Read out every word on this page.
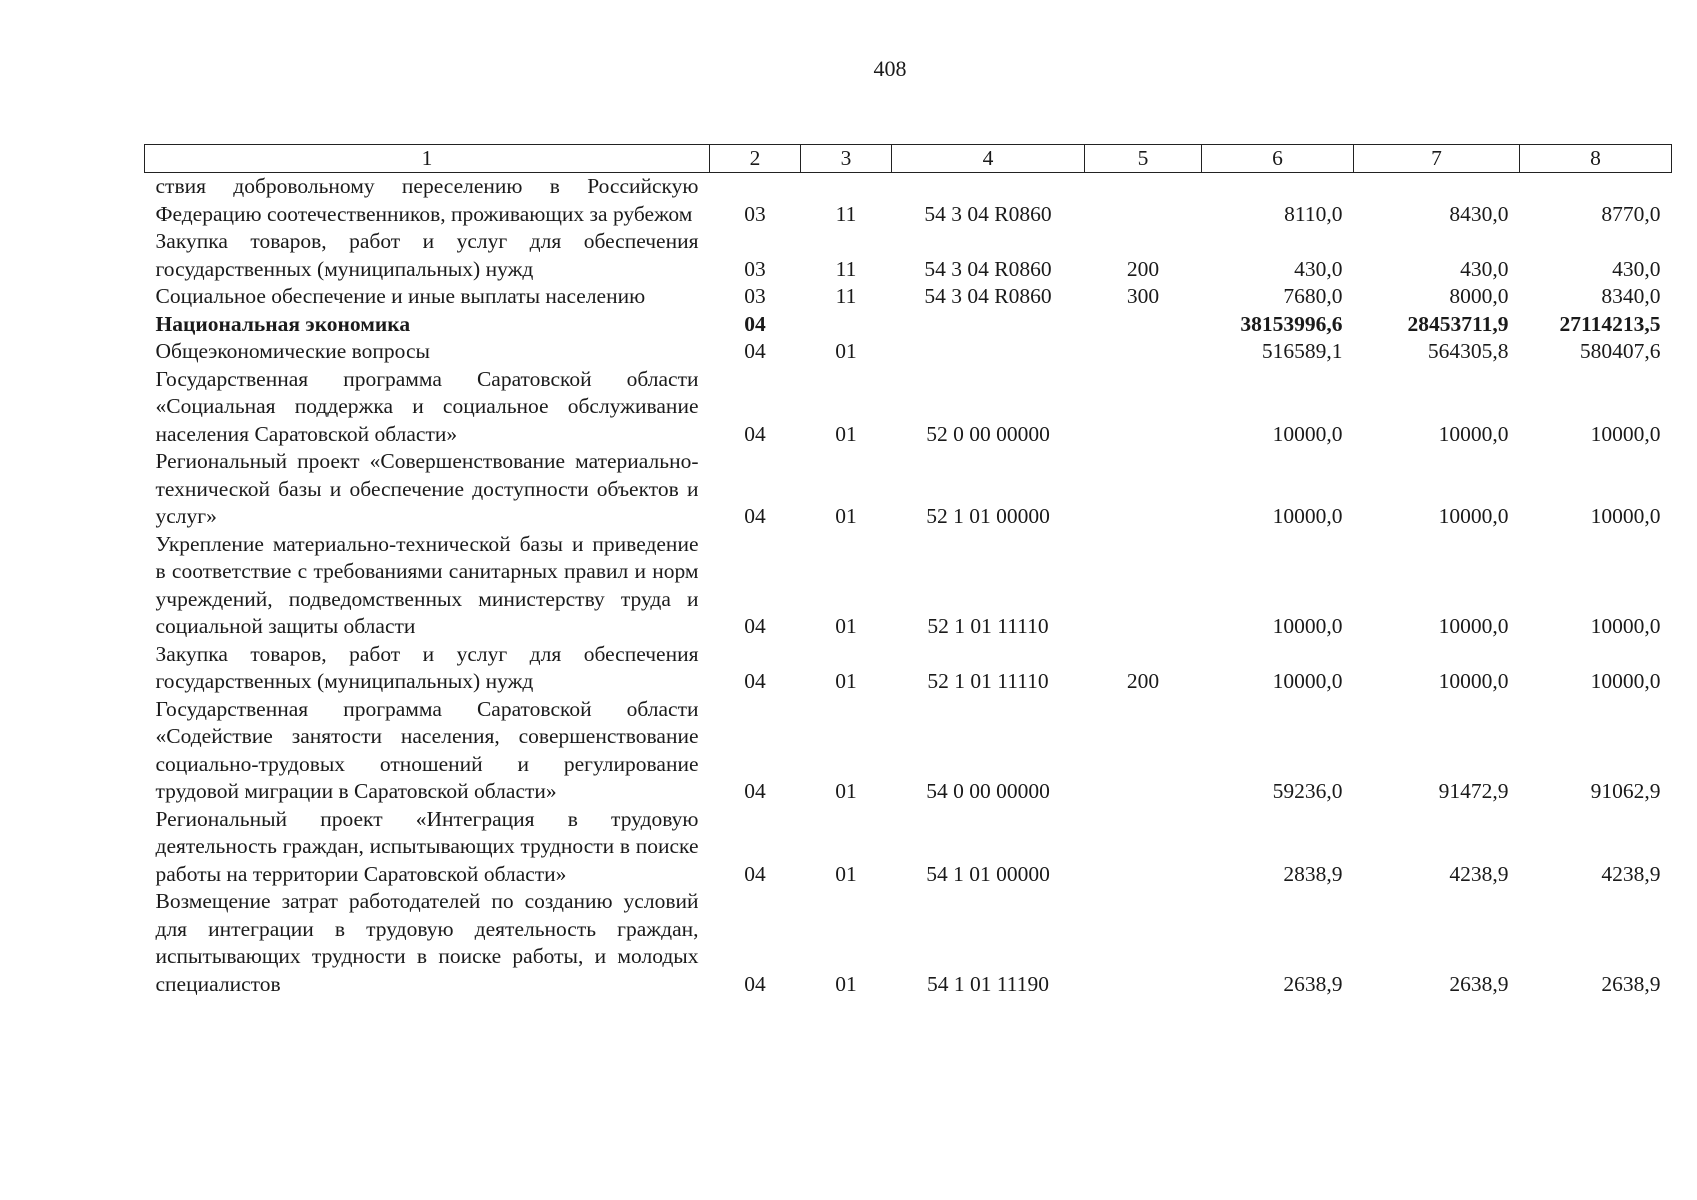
408
1	2	3	4	5	6	7	8
ствия добровольному переселению в Российскую Федерацию соотечественников, проживающих за рубежом	03	11	54 3 04 R0860		8110,0	8430,0	8770,0
Закупка товаров, работ и услуг для обеспечения государственных (муниципальных) нужд	03	11	54 3 04 R0860	200	430,0	430,0	430,0
Социальное обеспечение и иные выплаты населению	03	11	54 3 04 R0860	300	7680,0	8000,0	8340,0
Национальная экономика	04				38153996,6	28453711,9	27114213,5
Общеэкономические вопросы	04	01			516589,1	564305,8	580407,6
Государственная программа Саратовской области «Социальная поддержка и социальное обслуживание населения Саратовской области»	04	01	52 0 00 00000		10000,0	10000,0	10000,0
Региональный проект «Совершенствование материально-технической базы и обеспечение доступности объектов и услуг»	04	01	52 1 01 00000		10000,0	10000,0	10000,0
Укрепление материально-технической базы и приведение в соответствие с требованиями санитарных правил и норм учреждений, подведомственных министерству труда и социальной защиты области	04	01	52 1 01 11110		10000,0	10000,0	10000,0
Закупка товаров, работ и услуг для обеспечения государственных (муниципальных) нужд	04	01	52 1 01 11110	200	10000,0	10000,0	10000,0
Государственная программа Саратовской области «Содействие занятости населения, совершенствование социально-трудовых отношений и регулирование трудовой миграции в Саратовской области»	04	01	54 0 00 00000		59236,0	91472,9	91062,9
Региональный проект «Интеграция в трудовую деятельность граждан, испытывающих трудности в поиске работы на территории Саратовской области»	04	01	54 1 01 00000		2838,9	4238,9	4238,9
Возмещение затрат работодателей по созданию условий для интеграции в трудовую деятельность граждан, испытывающих трудности в поиске работы, и молодых специалистов	04	01	54 1 01 11190		2638,9	2638,9	2638,9
